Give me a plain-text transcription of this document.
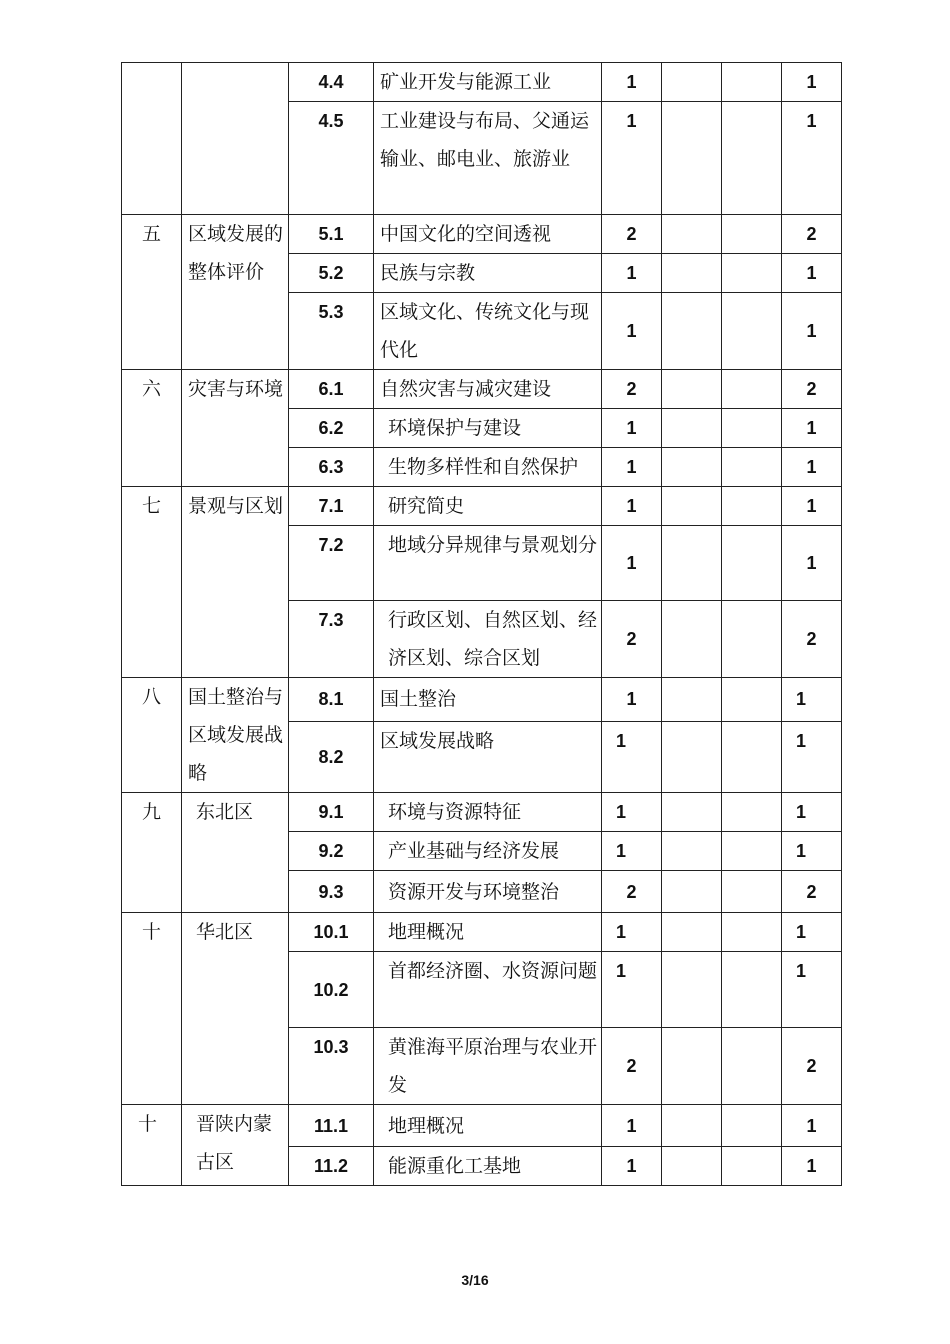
		4.4	矿业开发与能源工业	1			1
		4.5	工业建设与布局、父通运输业、邮电业、旅游业	1			1
五	区域发展的整体评价	5.1	中国文化的空间透视	2			2
		5.2	民族与宗教	1			1
		5.3	区域文化、传统文化与现代化	1			1
六	灾害与环境	6.1	自然灾害与减灾建设	2			2
		6.2	环境保护与建设	1			1
		6.3	生物多样性和自然保护	1			1
七	景观与区划	7.1	研究简史	1			1
		7.2	地域分异规律与景观划分	1			1
		7.3	行政区划、自然区划、经济区划、综合区划	2			2
八	国土整治与区域发展战略	8.1	国土整治	1			1
		8.2	区域发展战略	1			1
九	东北区	9.1	环境与资源特征	1			1
		9.2	产业基础与经济发展	1			1
		9.3	资源开发与环境整治	2			2
十	华北区	10.1	地理概况	1			1
		10.2	首都经济圈、水资源问题	1			1
		10.3	黄淮海平原治理与农业开发	2			2
十	晋陕内蒙古区	11.1	地理概况	1			1
		11.2	能源重化工基地	1			1
3/16
